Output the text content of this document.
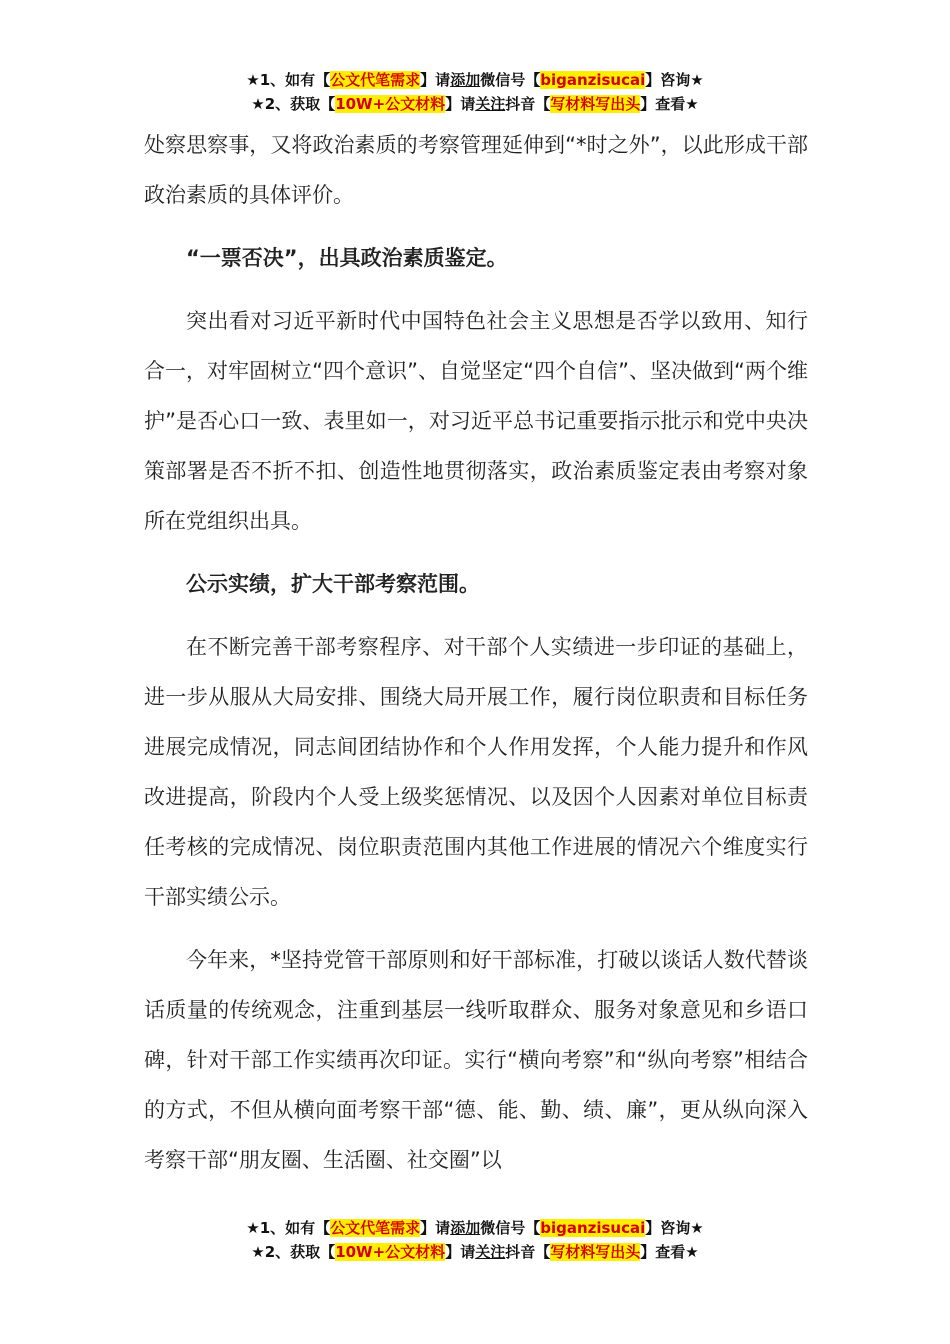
★1、如有【公文代笔需求】请添加微信号【biganzisucai】咨询★
★2、获取【10W+公文材料】请关注抖音【写材料写出头】查看★

处察思察事，又将政治素质的考察管理延伸到“*时之外”，以此形成干部政治素质的具体评价。

“一票否决”，出具政治素质鉴定。

突出看对习近平新时代中国特色社会主义思想是否学以致用、知行合一，对牢固树立“四个意识”、自觉坚定“四个自信”、坚决做到“两个维护”是否心口一致、表里如一，对习近平总书记重要指示批示和党中央决策部署是否不折不扣、创造性地贯彻落实，政治素质鉴定表由考察对象所在党组织出具。

公示实绩，扩大干部考察范围。

在不断完善干部考察程序、对干部个人实绩进一步印证的基础上，进一步从服从大局安排、围绕大局开展工作，履行岗位职责和目标任务进展完成情况，同志间团结协作和个人作用发挥，个人能力提升和作风改进提高，阶段内个人受上级奖惩情况、以及因个人因素对单位目标责任考核的完成情况、岗位职责范围内其他工作进展的情况六个维度实行干部实绩公示。

今年来，*坚持党管干部原则和好干部标准，打破以谈话人数代替谈话质量的传统观念，注重到基层一线听取群众、服务对象意见和乡语口碑，针对干部工作实绩再次印证。实行“横向考察”和“纵向考察”相结合的方式，不但从横向面考察干部“德、能、勤、绩、廉”，更从纵向深入考察干部“朋友圈、生活圈、社交圈”以

★1、如有【公文代笔需求】请添加微信号【biganzisucai】咨询★
★2、获取【10W+公文材料】请关注抖音【写材料写出头】查看★
